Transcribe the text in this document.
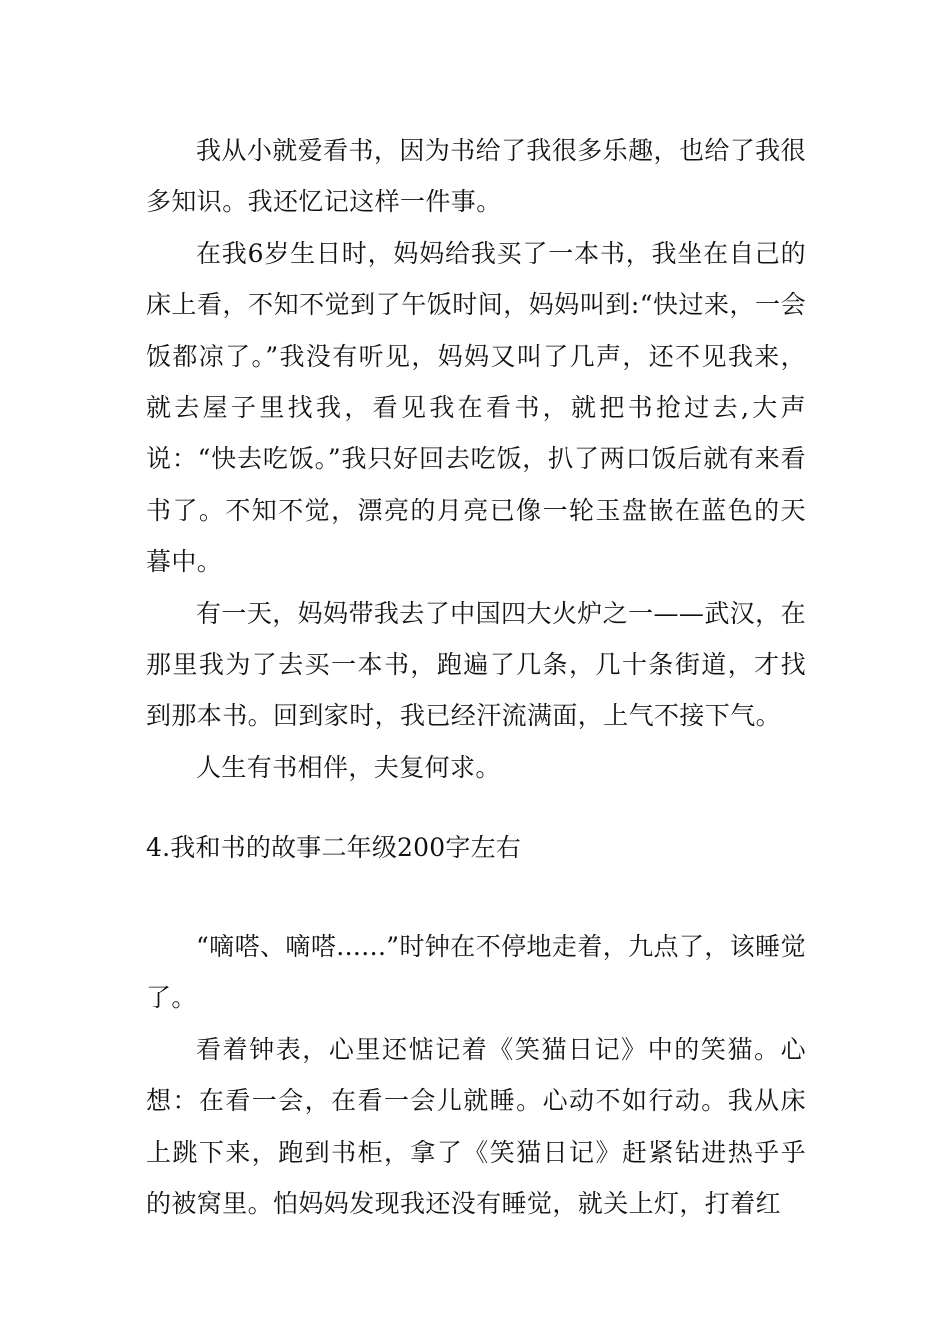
我从小就爱看书，因为书给了我很多乐趣，也给了我很多知识。我还忆记这样一件事。

在我6岁生日时，妈妈给我买了一本书，我坐在自己的床上看，不知不觉到了午饭时间，妈妈叫到:“快过来，一会饭都凉了。”我没有听见，妈妈又叫了几声，还不见我来，就去屋子里找我，看见我在看书，就把书抢过去,大声说：“快去吃饭。”我只好回去吃饭，扒了两口饭后就有来看书了。不知不觉，漂亮的月亮已像一轮玉盘嵌在蓝色的天暮中。

有一天，妈妈带我去了中国四大火炉之一——武汉，在那里我为了去买一本书，跑遍了几条，几十条街道，才找到那本书。回到家时，我已经汗流满面，上气不接下气。

人生有书相伴，夫复何求。

4.我和书的故事二年级200字左右

“嘀嗒、嘀嗒......”时钟在不停地走着，九点了，该睡觉了。

看着钟表，心里还惦记着《笑猫日记》中的笑猫。心想：在看一会，在看一会儿就睡。心动不如行动。我从床上跳下来，跑到书柜，拿了《笑猫日记》赶紧钻进热乎乎的被窝里。怕妈妈发现我还没有睡觉，就关上灯，打着红
